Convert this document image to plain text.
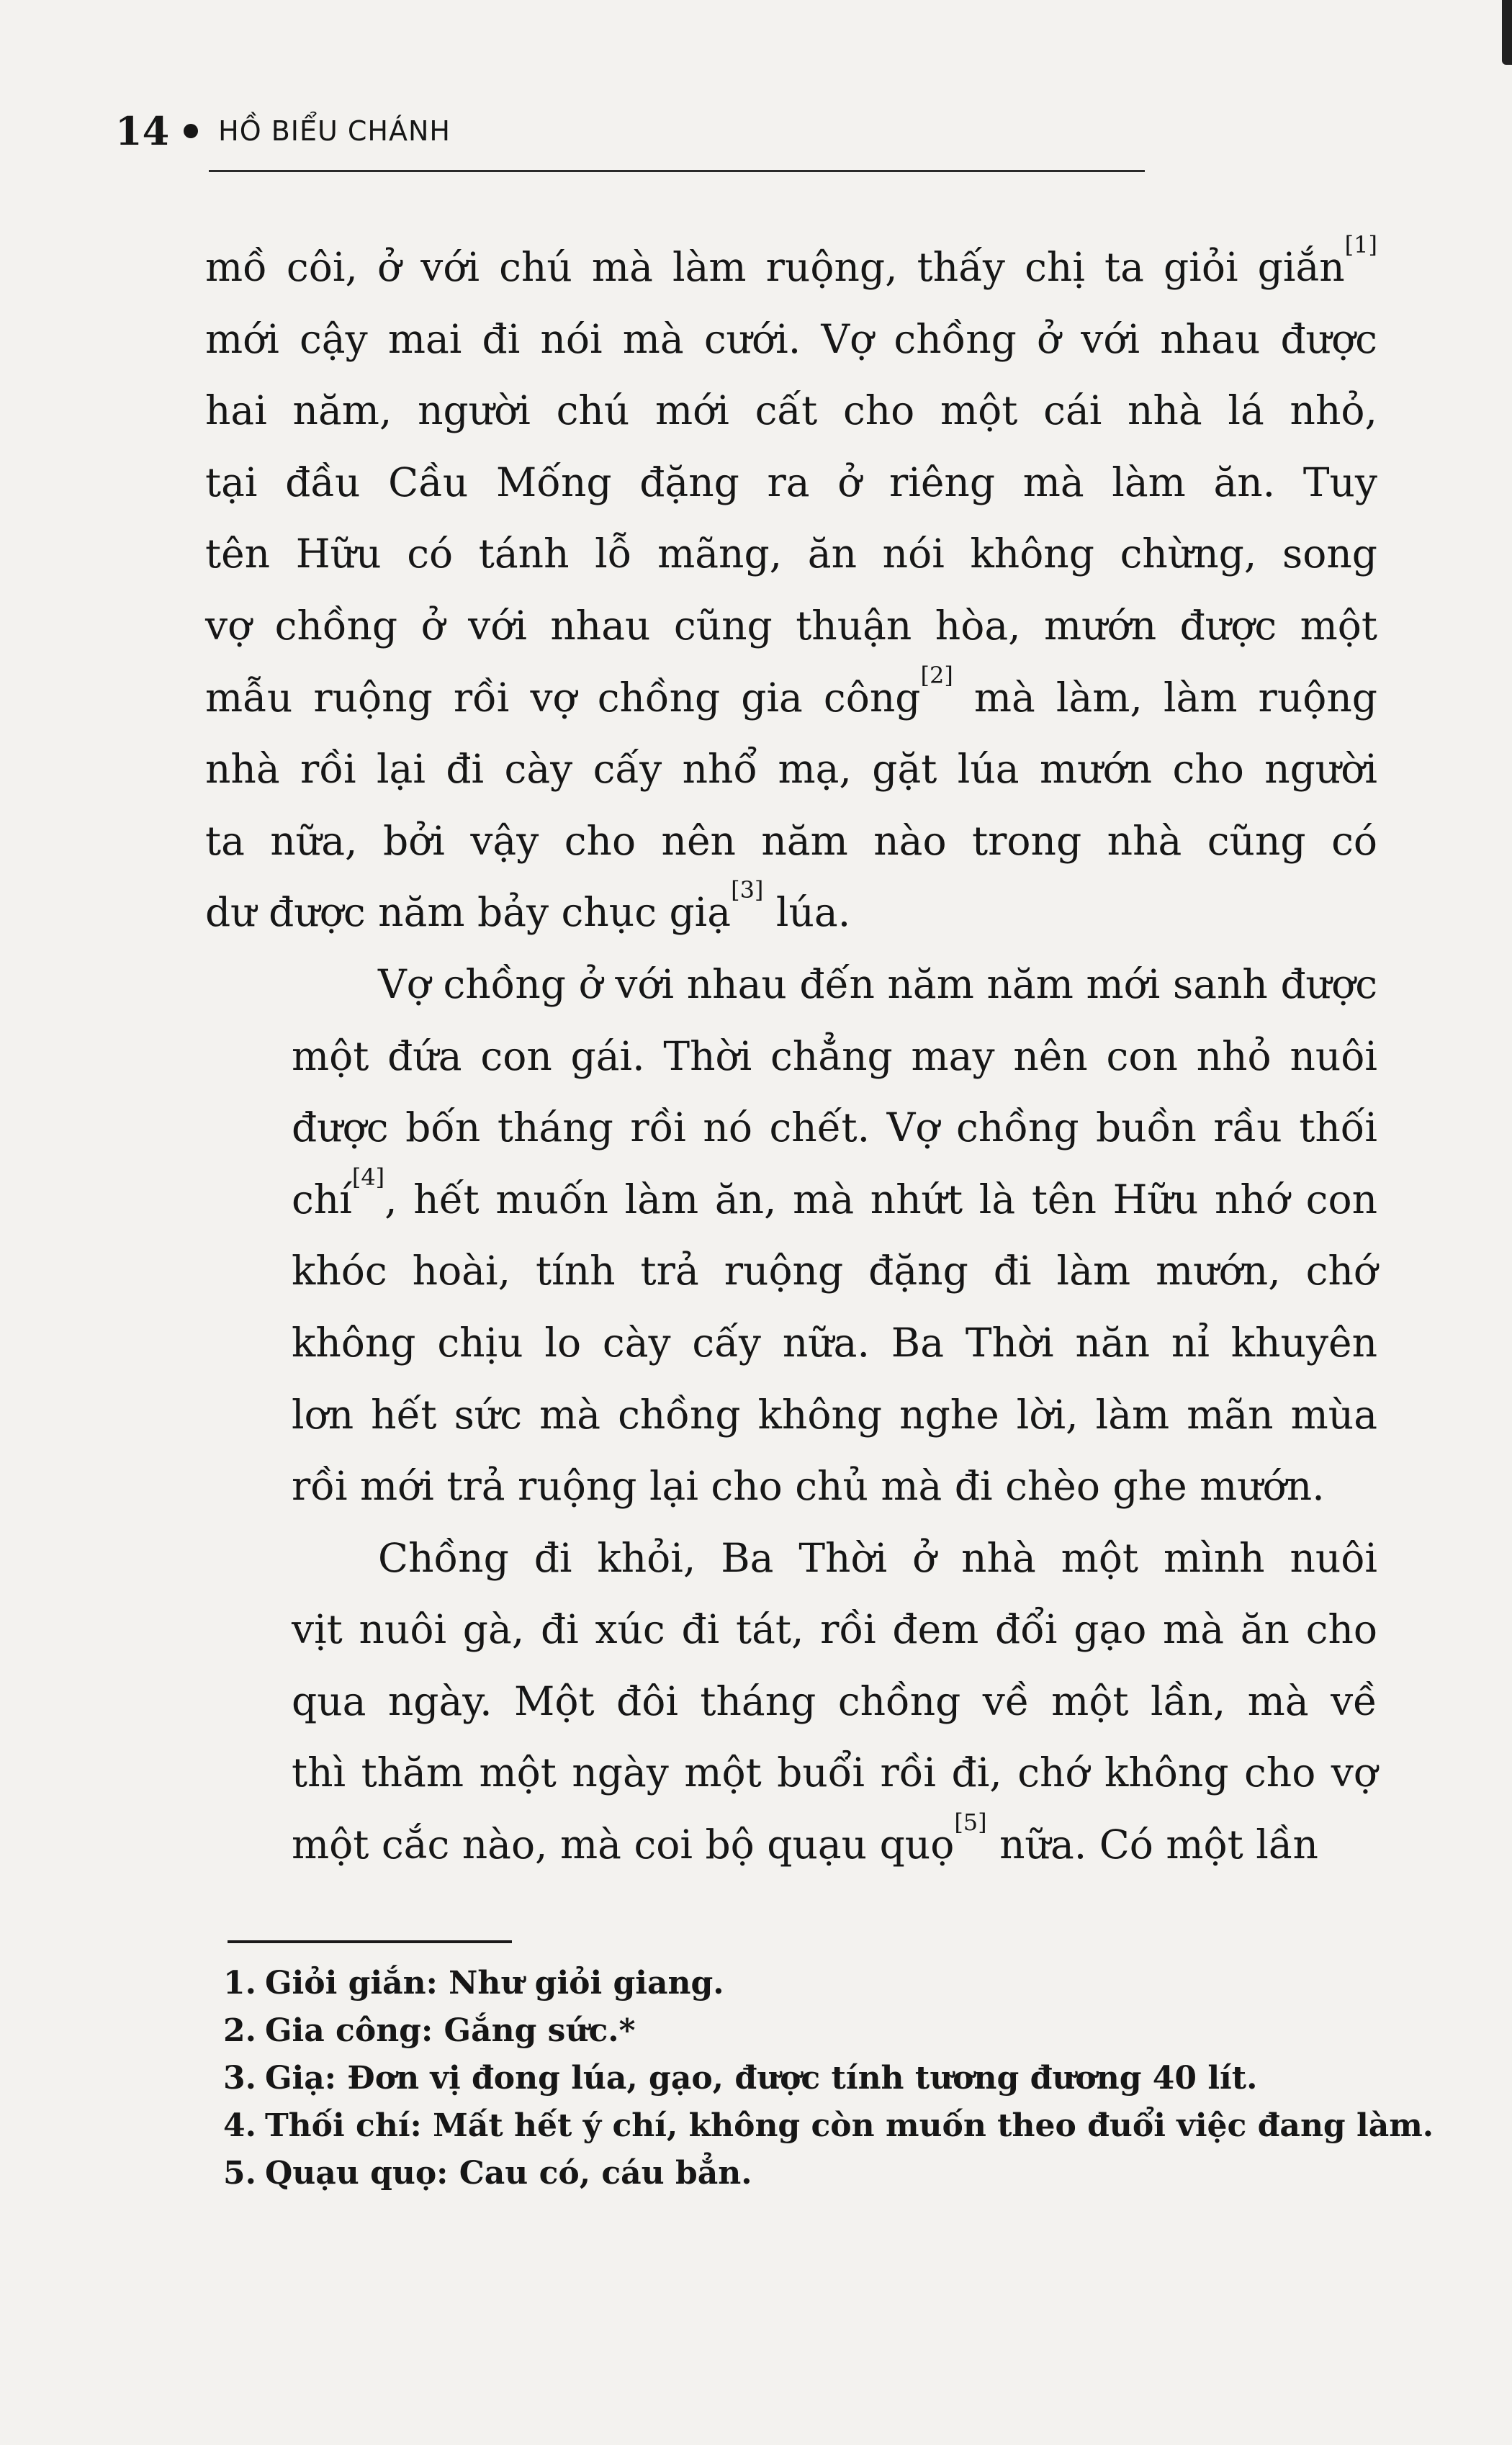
14 HỒ BIỂU CHÁNH
mồ côi, ở với chú mà làm ruộng, thấy chị ta giỏi giắn[1]
mới cậy mai đi nói mà cưới. Vợ chồng ở với nhau được
hai năm, người chú mới cất cho một cái nhà lá nhỏ,
tại đầu Cầu Mống đặng ra ở riêng mà làm ăn. Tuy
tên Hữu có tánh lỗ mãng, ăn nói không chừng, song
vợ chồng ở với nhau cũng thuận hòa, mướn được một
mẫu ruộng rồi vợ chồng gia công[2] mà làm, làm ruộng
nhà rồi lại đi cày cấy nhổ mạ, gặt lúa mướn cho người
ta nữa, bởi vậy cho nên năm nào trong nhà cũng có
dư được năm bảy chục giạ[3] lúa.
Vợ chồng ở với nhau đến năm năm mới sanh được
một đứa con gái. Thời chẳng may nên con nhỏ nuôi
được bốn tháng rồi nó chết. Vợ chồng buồn rầu thối
chí[4], hết muốn làm ăn, mà nhứt là tên Hữu nhớ con
khóc hoài, tính trả ruộng đặng đi làm mướn, chớ
không chịu lo cày cấy nữa. Ba Thời năn nỉ khuyên
lơn hết sức mà chồng không nghe lời, làm mãn mùa
rồi mới trả ruộng lại cho chủ mà đi chèo ghe mướn.
Chồng đi khỏi, Ba Thời ở nhà một mình nuôi
vịt nuôi gà, đi xúc đi tát, rồi đem đổi gạo mà ăn cho
qua ngày. Một đôi tháng chồng về một lần, mà về
thì thăm một ngày một buổi rồi đi, chớ không cho vợ
một cắc nào, mà coi bộ quạu quọ[5] nữa. Có một lần
1. Giỏi giắn: Như giỏi giang.
2. Gia công: Gắng sức.*
3. Giạ: Đơn vị đong lúa, gạo, được tính tương đương 40 lít.
4. Thối chí: Mất hết ý chí, không còn muốn theo đuổi việc đang làm.
5. Quạu quọ: Cau có, cáu bẳn.
